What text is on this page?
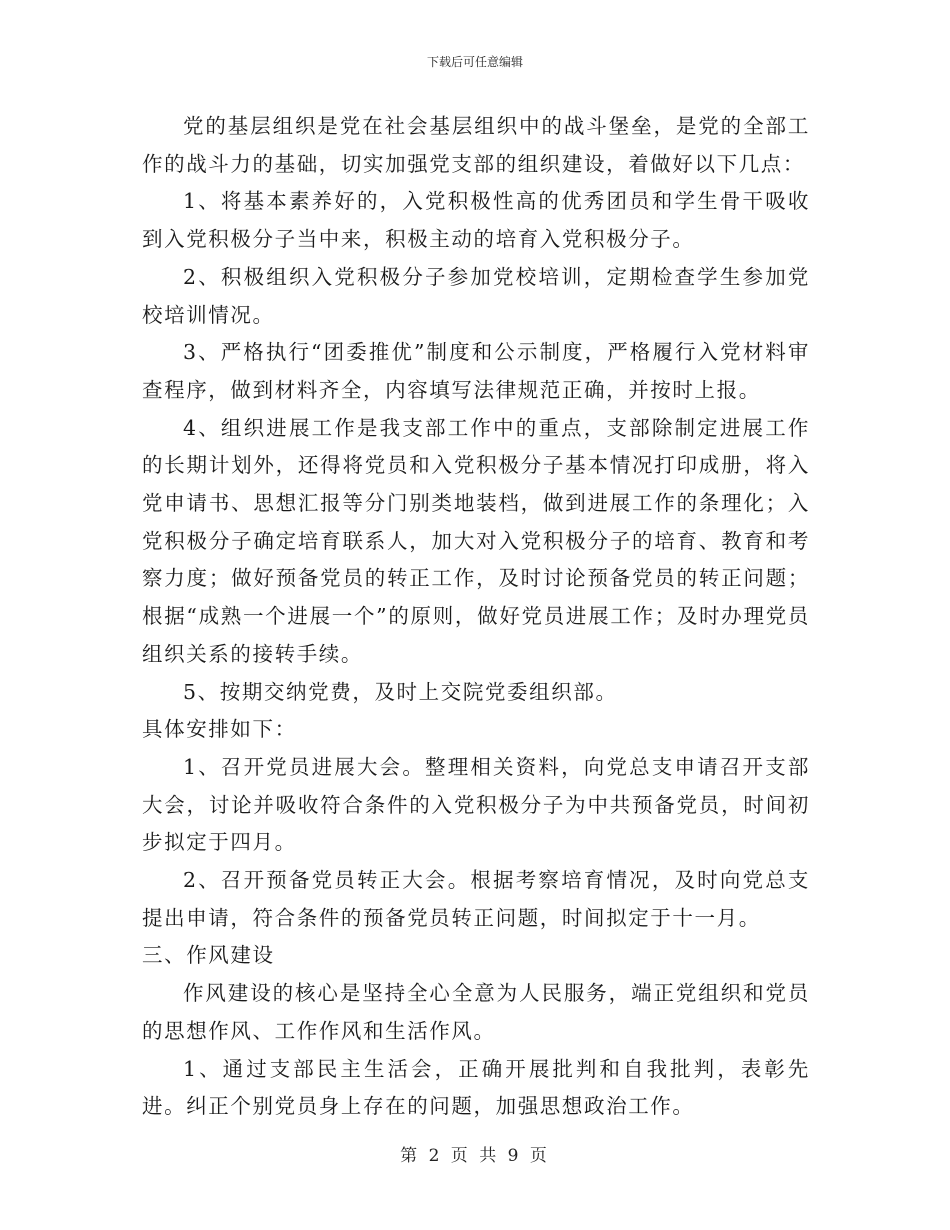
下载后可任意编辑

党的基层组织是党在社会基层组织中的战斗堡垒，是党的全部工作的战斗力的基础，切实加强党支部的组织建设，着做好以下几点：

1、将基本素养好的，入党积极性高的优秀团员和学生骨干吸收到入党积极分子当中来，积极主动的培育入党积极分子。

2、积极组织入党积极分子参加党校培训，定期检查学生参加党校培训情况。

3、严格执行“团委推优”制度和公示制度，严格履行入党材料审查程序，做到材料齐全，内容填写法律规范正确，并按时上报。

4、组织进展工作是我支部工作中的重点，支部除制定进展工作的长期计划外，还得将党员和入党积极分子基本情况打印成册，将入党申请书、思想汇报等分门别类地装档，做到进展工作的条理化；入党积极分子确定培育联系人，加大对入党积极分子的培育、教育和考察力度；做好预备党员的转正工作，及时讨论预备党员的转正问题；根据“成熟一个进展一个”的原则，做好党员进展工作；及时办理党员组织关系的接转手续。

5、按期交纳党费，及时上交院党委组织部。

具体安排如下：

1、召开党员进展大会。整理相关资料，向党总支申请召开支部大会，讨论并吸收符合条件的入党积极分子为中共预备党员，时间初步拟定于四月。

2、召开预备党员转正大会。根据考察培育情况，及时向党总支提出申请，符合条件的预备党员转正问题，时间拟定于十一月。

三、作风建设

作风建设的核心是坚持全心全意为人民服务，端正党组织和党员的思想作风、工作作风和生活作风。

1、通过支部民主生活会，正确开展批判和自我批判，表彰先进。纠正个别党员身上存在的问题，加强思想政治工作。

第 2 页 共 9 页
